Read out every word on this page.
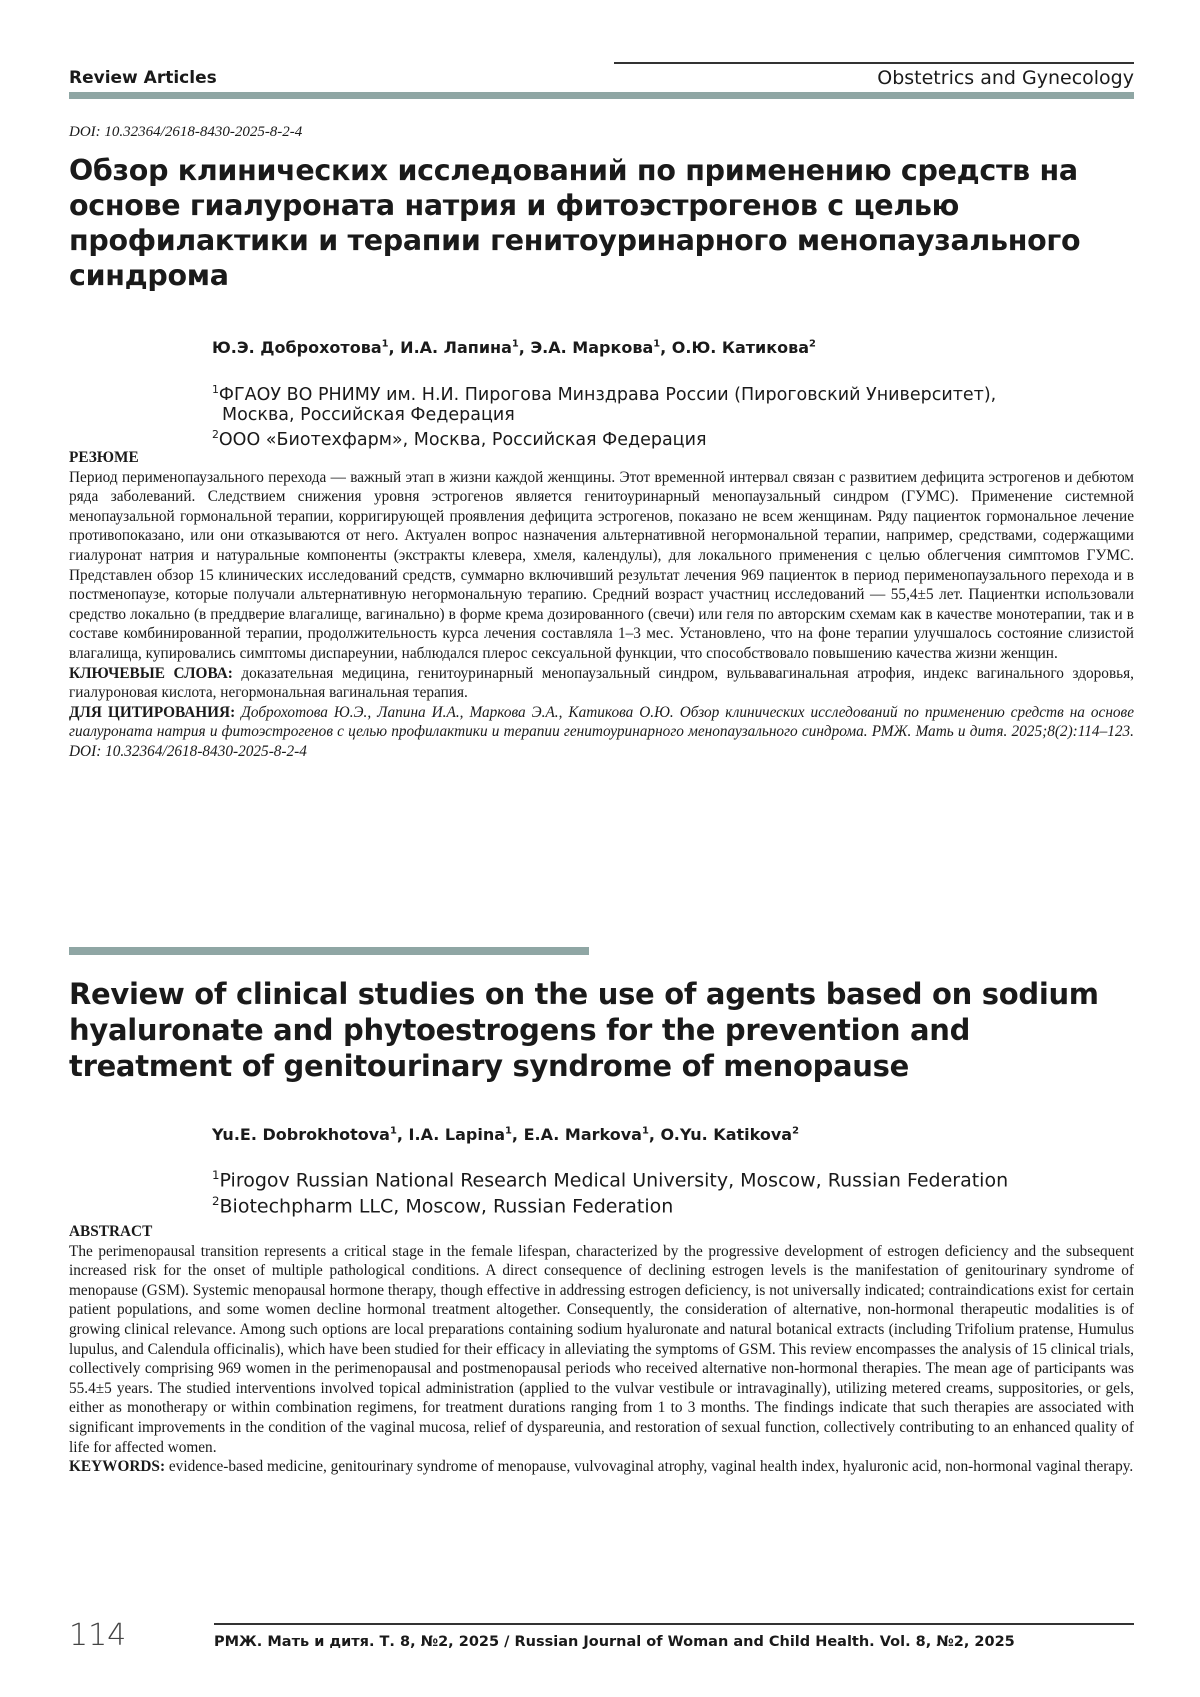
Review Articles	Obstetrics and Gynecology
DOI: 10.32364/2618-8430-2025-8-2-4
Обзор клинических исследований по применению средств на основе гиалуроната натрия и фитоэстрогенов с целью профилактики и терапии генитоуринарного менопаузального синдрома
Ю.Э. Доброхотова$^1$, И.А. Лапина$^1$, Э.А. Маркова$^1$, О.Ю. Катикова$^2$
$^1$ФГАОУ ВО РНИМУ им. Н.И. Пирогова Минздрава России (Пироговский Университет),
Москва, Российская Федерация
$^2$ООО «Биотехфарм», Москва, Российская Федерация
РЕЗЮМЕ
Период перименопаузального перехода — важный этап в жизни каждой женщины. Этот временной интервал связан с развитием дефицита эстрогенов и дебютом ряда заболеваний. Следствием снижения уровня эстрогенов является генитоуринарный менопаузальный синдром (ГУМС). Применение системной менопаузальной гормональной терапии, корригирующей проявления дефицита эстрогенов, показано не всем женщинам. Ряду пациенток гормональное лечение противопоказано, или они отказываются от него. Актуален вопрос назначения альтернативной негормональной терапии, например, средствами, содержащими гиалуронат натрия и натуральные компоненты (экстракты клевера, хмеля, календулы), для локального применения с целью облегчения симптомов ГУМС. Представлен обзор 15 клинических исследований средств, суммарно включивший результат лечения 969 пациенток в период перименопаузального перехода и в постменопаузе, которые получали альтернативную негормональную терапию. Средний возраст участниц исследований — 55,4±5 лет. Пациентки использовали средство локально (в преддверие влагалище, вагинально) в форме крема дозированного (свечи) или геля по авторским схемам как в качестве монотерапии, так и в составе комбинированной терапии, продолжительность курса лечения составляла 1–3 мес. Установлено, что на фоне терапии улучшалось состояние слизистой влагалища, купировались симптомы диспареунии, наблюдался плерос сексуальной функции, что способствовало повышению качества жизни женщин.
КЛЮЧЕВЫЕ СЛОВА: доказательная медицина, генитоуринарный менопаузальный синдром, вульвавагинальная атрофия, индекс вагинального здоровья, гиалуроновая кислота, негормональная вагинальная терапия.
ДЛЯ ЦИТИРОВАНИЯ: Доброхотова Ю.Э., Лапина И.А., Маркова Э.А., Катикова О.Ю. Обзор клинических исследований по применению средств на основе гиалуроната натрия и фитоэстрогенов с целью профилактики и терапии генитоуринарного менопаузального синдрома. РМЖ. Мать и дитя. 2025;8(2):114–123. DOI: 10.32364/2618-8430-2025-8-2-4
Review of clinical studies on the use of agents based on sodium hyaluronate and phytoestrogens for the prevention and treatment of genitourinary syndrome of menopause
Yu.E. Dobrokhotova$^1$, I.A. Lapina$^1$, E.A. Markova$^1$, O.Yu. Katikova$^2$
$^1$Pirogov Russian National Research Medical University, Moscow, Russian Federation
$^2$Biotechpharm LLC, Moscow, Russian Federation
ABSTRACT
The perimenopausal transition represents a critical stage in the female lifespan, characterized by the progressive development of estrogen deficiency and the subsequent increased risk for the onset of multiple pathological conditions. A direct consequence of declining estrogen levels is the manifestation of genitourinary syndrome of menopause (GSM). Systemic menopausal hormone therapy, though effective in addressing estrogen deficiency, is not universally indicated; contraindications exist for certain patient populations, and some women decline hormonal treatment altogether. Consequently, the consideration of alternative, non-hormonal therapeutic modalities is of growing clinical relevance. Among such options are local preparations containing sodium hyaluronate and natural botanical extracts (including Trifolium pratense, Humulus lupulus, and Calendula officinalis), which have been studied for their efficacy in alleviating the symptoms of GSM. This review encompasses the analysis of 15 clinical trials, collectively comprising 969 women in the perimenopausal and postmenopausal periods who received alternative non-hormonal therapies. The mean age of participants was 55.4±5 years. The studied interventions involved topical administration (applied to the vulvar vestibule or intravaginally), utilizing metered creams, suppositories, or gels, either as monotherapy or within combination regimens, for treatment durations ranging from 1 to 3 months. The findings indicate that such therapies are associated with significant improvements in the condition of the vaginal mucosa, relief of dyspareunia, and restoration of sexual function, collectively contributing to an enhanced quality of life for affected women.
KEYWORDS: evidence-based medicine, genitourinary syndrome of menopause, vulvovaginal atrophy, vaginal health index, hyaluronic acid, non-hormonal vaginal therapy.
114	РМЖ. Мать и дитя. Т. 8, №2, 2025 / Russian Journal of Woman and Child Health. Vol. 8, №2, 2025
